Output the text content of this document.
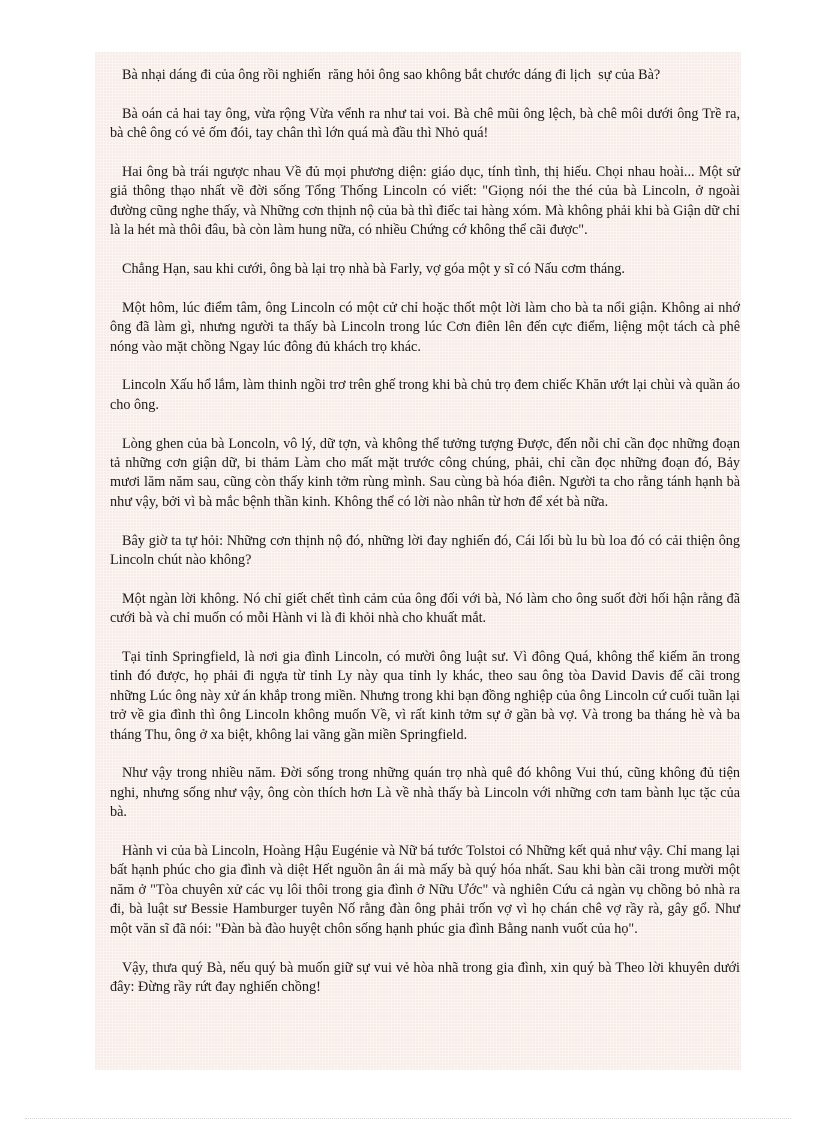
Bà nhại dáng đi của ông rồi nghiến  răng hỏi ông sao không bắt chước dáng đi lịch  sự của Bà?

Bà oán cả hai tay ông, vừa rộng Vừa vểnh ra như tai voi. Bà chê mũi ông lệch, bà chê môi dưới ông Trề ra, bà chê ông có vẻ ốm đói, tay chân thì lớn quá mà đầu thì Nhỏ quá!

Hai ông bà trái ngược nhau Về đủ mọi phương diện: giáo dục, tính tình, thị hiếu. Chọi nhau hoài... Một sử giả thông thạo nhất về đời sống Tổng Thống Lincoln có viết: "Giọng nói the thé của bà Lincoln, ở ngoài đường cũng nghe thấy, và Những cơn thịnh nộ của bà thì điếc tai hàng xóm. Mà không phải khi bà Giận dữ chỉ là la hét mà thôi đâu, bà còn làm hung nữa, có nhiều Chứng cớ không thể cãi được".

Chẳng Hạn, sau khi cưới, ông bà lại trọ nhà bà Farly, vợ góa một y sĩ có Nấu cơm tháng.

Một hôm, lúc điểm tâm, ông Lincoln có một cử chỉ hoặc thốt một lời làm cho bà ta nổi giận. Không ai nhớ ông đã làm gì, nhưng người ta thấy bà Lincoln trong lúc Cơn điên lên đến cực điểm, liệng một tách cà phê nóng vào mặt chồng Ngay lúc đông đủ khách trọ khác.

Lincoln Xấu hổ lắm, làm thinh ngồi trơ trên ghế trong khi bà chủ trọ đem chiếc Khăn ướt lại chùi và quần áo cho ông.

Lòng ghen của bà Loncoln, vô lý, dữ tợn, và không thể tưởng tượng Được, đến nỗi chỉ cần đọc những đoạn tả những cơn giận dữ, bi thảm Làm cho mất mặt trước công chúng, phải, chỉ cần đọc những đoạn đó, Bảy mươi lăm năm sau, cũng còn thấy kinh tởm rùng mình. Sau cùng bà hóa điên. Người ta cho rằng tánh hạnh bà như vậy, bởi vì bà mắc bệnh thần kinh. Không thể có lời nào nhân từ hơn để xét bà nữa.

Bây giờ ta tự hỏi: Những cơn thịnh nộ đó, những lời đay nghiến đó, Cái lối bù lu bù loa đó có cải thiện ông Lincoln chút nào không?

Một ngàn lời không. Nó chỉ giết chết tình cảm của ông đối với bà, Nó làm cho ông suốt đời hối hận rằng đã cưới bà và chỉ muốn có mỗi Hành vi là đi khỏi nhà cho khuất mắt.

Tại tỉnh Springfield, là nơi gia đình Lincoln, có mười ông luật sư. Vì đông Quá, không thể kiếm ăn trong tỉnh đó được, họ phải đi ngựa từ tỉnh Ly này qua tỉnh ly khác, theo sau ông tòa David Davis để cãi trong những Lúc ông này xử án khắp trong miền. Nhưng trong khi bạn đồng nghiệp của ông Lincoln cứ cuối tuần lại trở về gia đình thì ông Lincoln không muốn Về, vì rất kinh tởm sự ở gần bà vợ. Và trong ba tháng hè và ba tháng Thu, ông ở xa biệt, không lai vãng gần miền Springfield.

Như vậy trong nhiều năm. Đời sống trong những quán trọ nhà quê đó không Vui thú, cũng không đủ tiện nghi, nhưng sống như vậy, ông còn thích hơn Là về nhà thấy bà Lincoln với những cơn tam bành lục tặc của bà.

Hành vi của bà Lincoln, Hoàng Hậu Eugénie và Nữ bá tước Tolstoi có Những kết quả như vậy. Chỉ mang lại bất hạnh phúc cho gia đình và diệt Hết nguồn ân ái mà mấy bà quý hóa nhất. Sau khi bàn cãi trong mười một năm ở "Tòa chuyên xử các vụ lôi thôi trong gia đình ở Nữu Ước" và nghiên Cứu cả ngàn vụ chồng bỏ nhà ra đi, bà luật sư Bessie Hamburger tuyên Nố rằng đàn ông phải trốn vợ vì họ chán chê vợ rầy rà, gây gổ. Như một văn sĩ đã nói: "Đàn bà đào huyệt chôn sống hạnh phúc gia đình Bằng nanh vuốt của họ".

Vậy, thưa quý Bà, nếu quý bà muốn giữ sự vui vẻ hòa nhã trong gia đình, xin quý bà Theo lời khuyên dưới đây: Đừng rầy rứt đay nghiến chồng!
